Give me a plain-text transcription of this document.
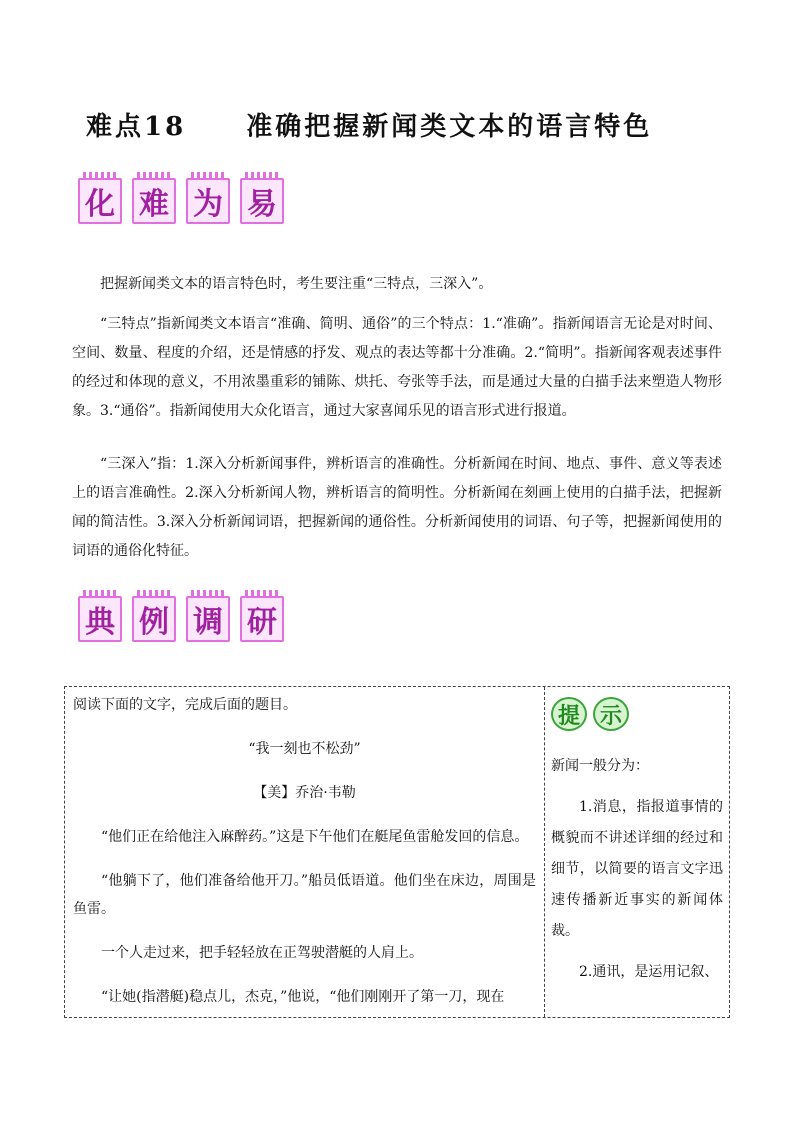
难点18 准确把握新闻类文本的语言特色
化 难 为 易

把握新闻类文本的语言特色时，考生要注重“三特点，三深入”。

“三特点”指新闻类文本语言“准确、简明、通俗”的三个特点：1.“准确”。指新闻语言无论是对时间、空间、数量、程度的介绍，还是情感的抒发、观点的表达等都十分准确。2.“简明”。指新闻客观表述事件的经过和体现的意义，不用浓墨重彩的铺陈、烘托、夸张等手法，而是通过大量的白描手法来塑造人物形象。3.“通俗”。指新闻使用大众化语言，通过大家喜闻乐见的语言形式进行报道。

“三深入”指：1.深入分析新闻事件，辨析语言的准确性。分析新闻在时间、地点、事件、意义等表述上的语言准确性。2.深入分析新闻人物，辨析语言的简明性。分析新闻在刻画上使用的白描手法，把握新闻的简洁性。3.深入分析新闻词语，把握新闻的通俗性。分析新闻使用的词语、句子等，把握新闻使用的词语的通俗化特征。

典 例 调 研

阅读下面的文字，完成后面的题目。

“我一刻也不松劲”

【美】乔治·韦勒

“他们正在给他注入麻醉药。”这是下午他们在艇尾鱼雷舱发回的信息。

“他躺下了，他们准备给他开刀。”船员低语道。他们坐在床边，周围是鱼雷。

一个人走过来，把手轻轻放在正驾驶潜艇的人肩上。

“让她(指潜艇)稳点儿，杰克，”他说，“他们刚刚开了第一刀，现在

提 示

新闻一般分为：

1.消息，指报道事情的概貌而不讲述详细的经过和细节，以简要的语言文字迅速传播新近事实的新闻体裁。

2.通讯，是运用记叙、
